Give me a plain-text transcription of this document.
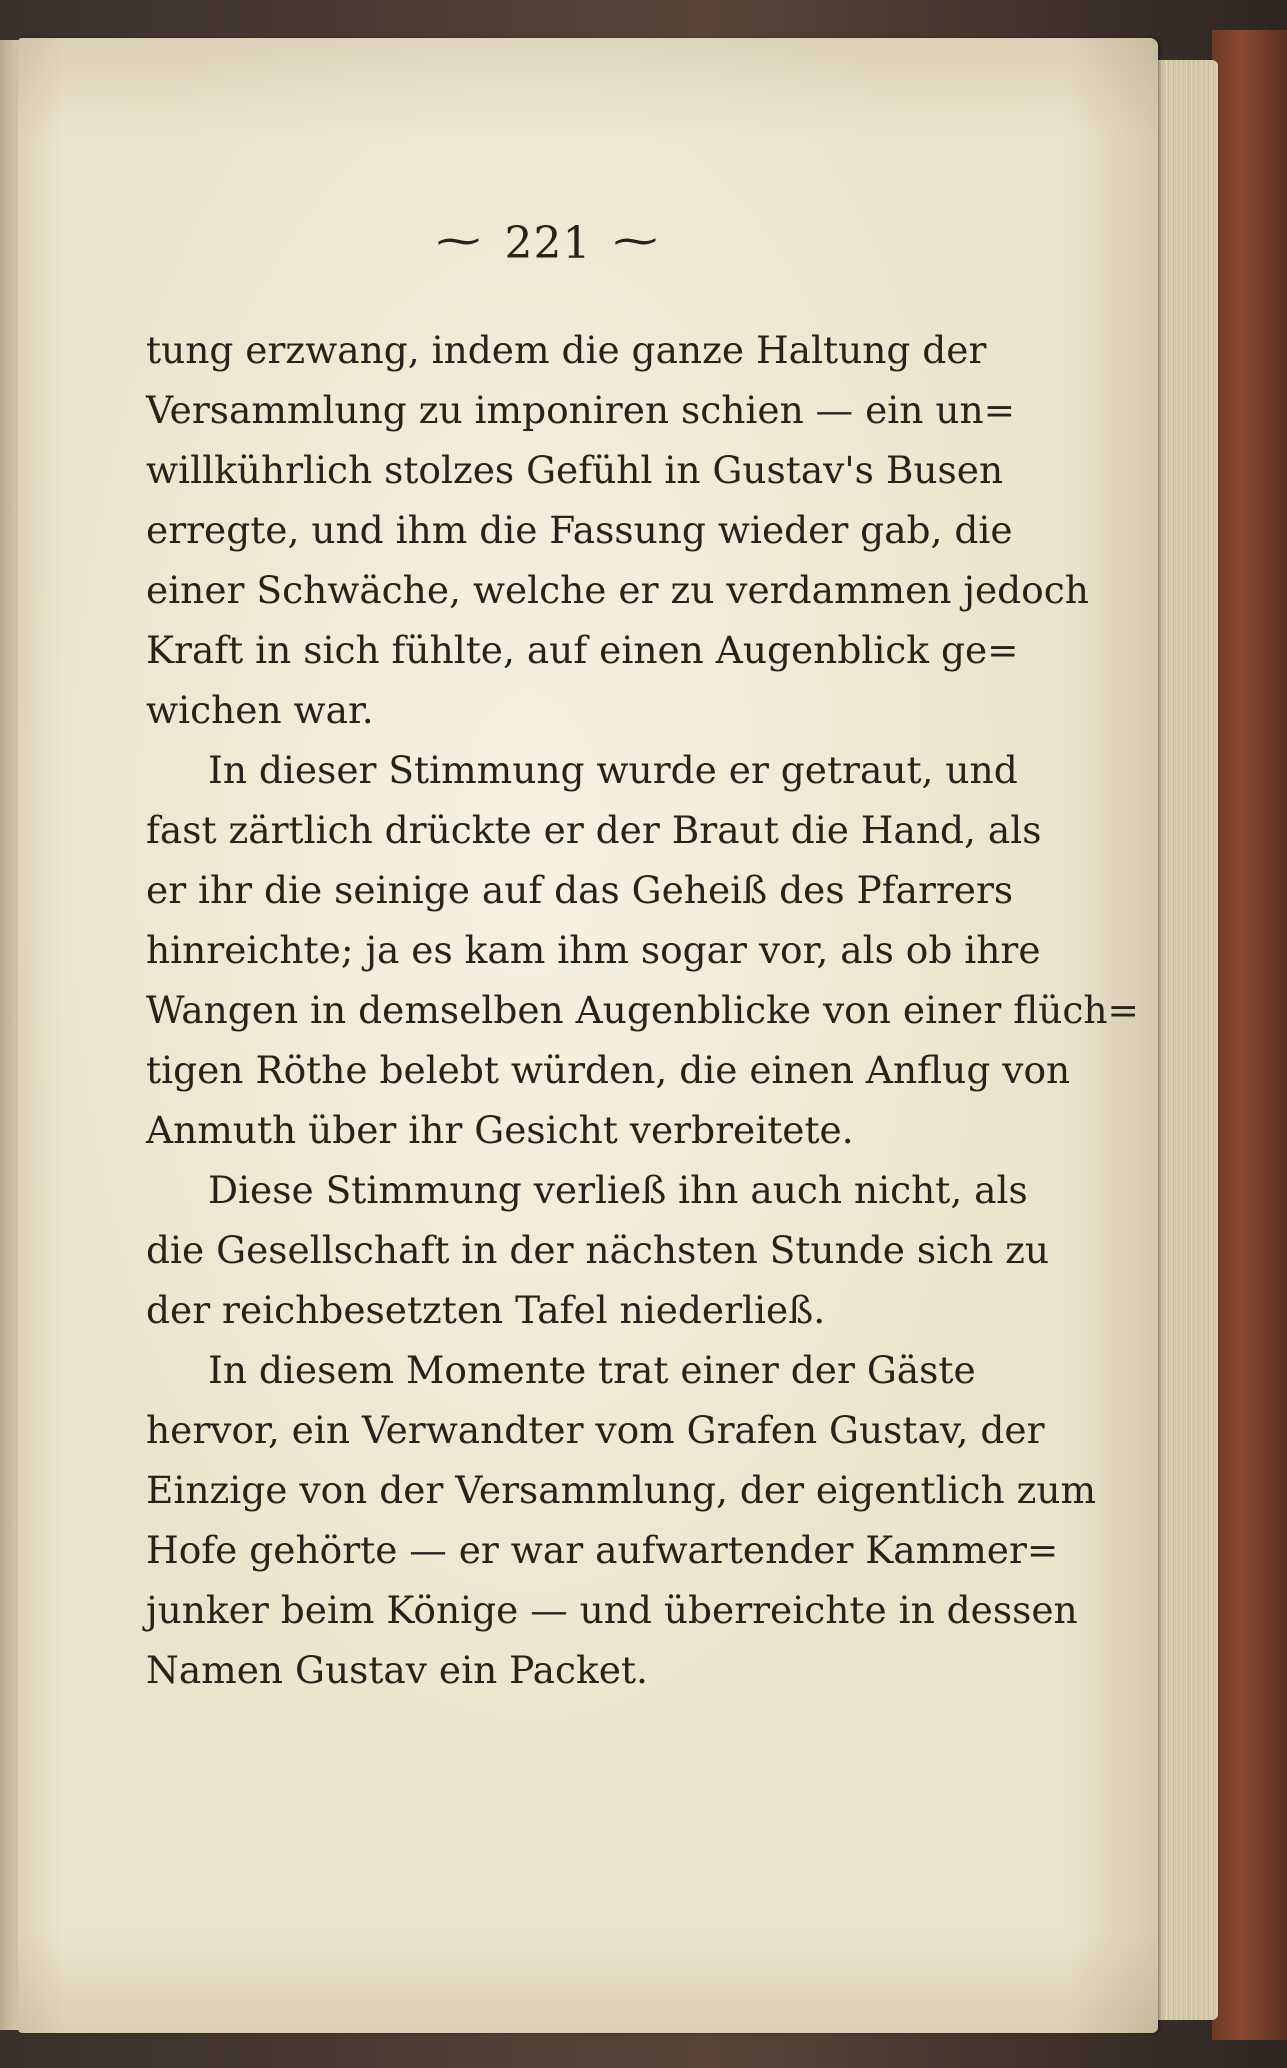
~ 221 ~
tung erzwang, indem die ganze Haltung der
Versammlung zu imponiren schien — ein un=
willkührlich stolzes Gefühl in Gustav's Busen
erregte, und ihm die Fassung wieder gab, die
einer Schwäche, welche er zu verdammen jedoch
Kraft in sich fühlte, auf einen Augenblick ge=
wichen war.
In dieser Stimmung wurde er getraut, und
fast zärtlich drückte er der Braut die Hand, als
er ihr die seinige auf das Geheiß des Pfarrers
hinreichte; ja es kam ihm sogar vor, als ob ihre
Wangen in demselben Augenblicke von einer flüch=
tigen Röthe belebt würden, die einen Anflug von
Anmuth über ihr Gesicht verbreitete.
Diese Stimmung verließ ihn auch nicht, als
die Gesellschaft in der nächsten Stunde sich zu
der reichbesetzten Tafel niederließ.
In diesem Momente trat einer der Gäste
hervor, ein Verwandter vom Grafen Gustav, der
Einzige von der Versammlung, der eigentlich zum
Hofe gehörte — er war aufwartender Kammer=
junker beim Könige — und überreichte in dessen
Namen Gustav ein Packet.
